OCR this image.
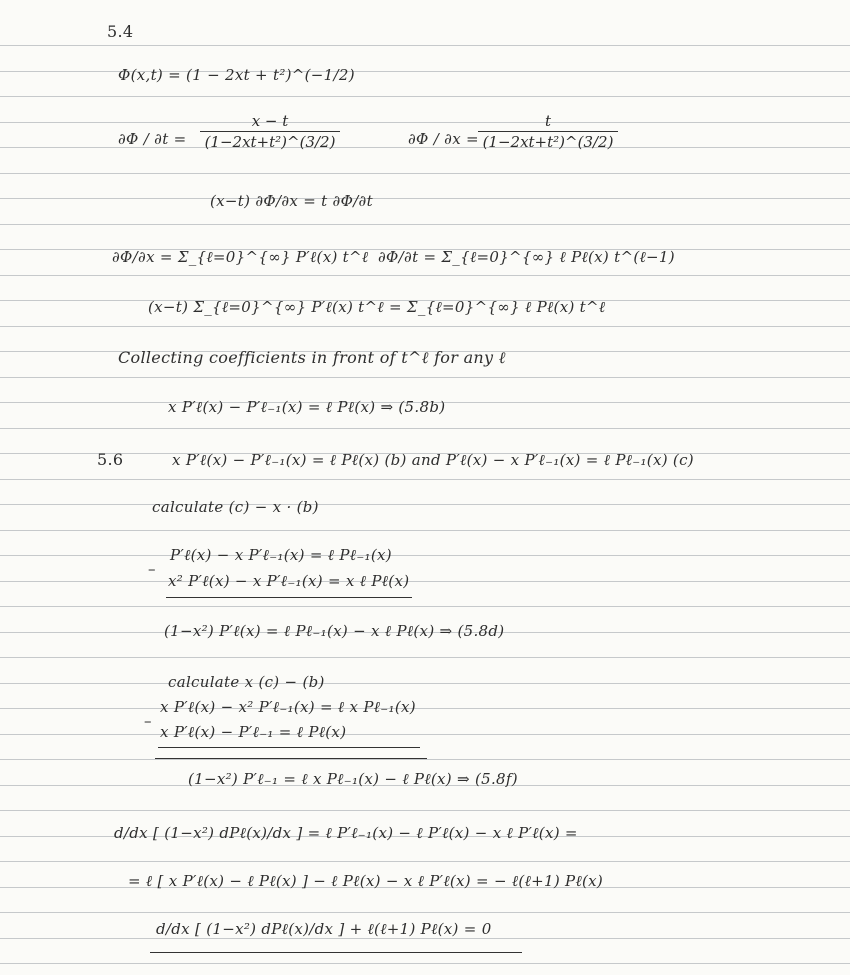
5.4
Φ(x,t) = (1 − 2xt + t²)^(−1/2)
$\partial\Phi / \partial t = \frac{x - t}{\text{(1−2xt+t²)\textasciicircum{}(3/2)}}$	$\partial\Phi / \partial x = \frac{t}{\text{(1−2xt+t²)\textasciicircum{}(3/2)}}$
(x−t) ∂Φ/∂x = t ∂Φ/∂t
∂Φ/∂x = Σ_{ℓ=0}^{∞} P′ℓ(x) t^ℓ ∂Φ/∂t = Σ_{ℓ=0}^{∞} ℓ Pℓ(x) t^(ℓ−1)
(x−t) Σ_{ℓ=0}^{∞} P′ℓ(x) t^ℓ = Σ_{ℓ=0}^{∞} ℓ Pℓ(x) t^ℓ
Collecting coefficients in front of t^ℓ for any ℓ
x P′ℓ(x) − P′ℓ₋₁(x) = ℓ Pℓ(x) ⇒ (5.8b)
5.6	x P′ℓ(x) − P′ℓ₋₁(x) = ℓ Pℓ(x) (b) and P′ℓ(x) − x P′ℓ₋₁(x) = ℓ Pℓ₋₁(x) (c)
calculate (c) − x · (b)
–
P′ℓ(x) − x P′ℓ₋₁(x) = ℓ Pℓ₋₁(x)
x² P′ℓ(x) − x P′ℓ₋₁(x) = x ℓ Pℓ(x)
(1−x²) P′ℓ(x) = ℓ Pℓ₋₁(x) − x ℓ Pℓ(x) ⇒ (5.8d)
calculate x (c) − (b)
–
x P′ℓ(x) − x² P′ℓ₋₁(x) = ℓ x Pℓ₋₁(x)
x P′ℓ(x) − P′ℓ₋₁ = ℓ Pℓ(x)
(1−x²) P′ℓ₋₁ = ℓ x Pℓ₋₁(x) − ℓ Pℓ(x) ⇒ (5.8f)
d/dx [ (1−x²) dPℓ(x)/dx ] = ℓ P′ℓ₋₁(x) − ℓ P′ℓ(x) − x ℓ P′ℓ(x) =
= ℓ [ x P′ℓ(x) − ℓ Pℓ(x) ] − ℓ Pℓ(x) − x ℓ P′ℓ(x) = − ℓ(ℓ+1) Pℓ(x)
d/dx [ (1−x²) dPℓ(x)/dx ] + ℓ(ℓ+1) Pℓ(x) = 0
